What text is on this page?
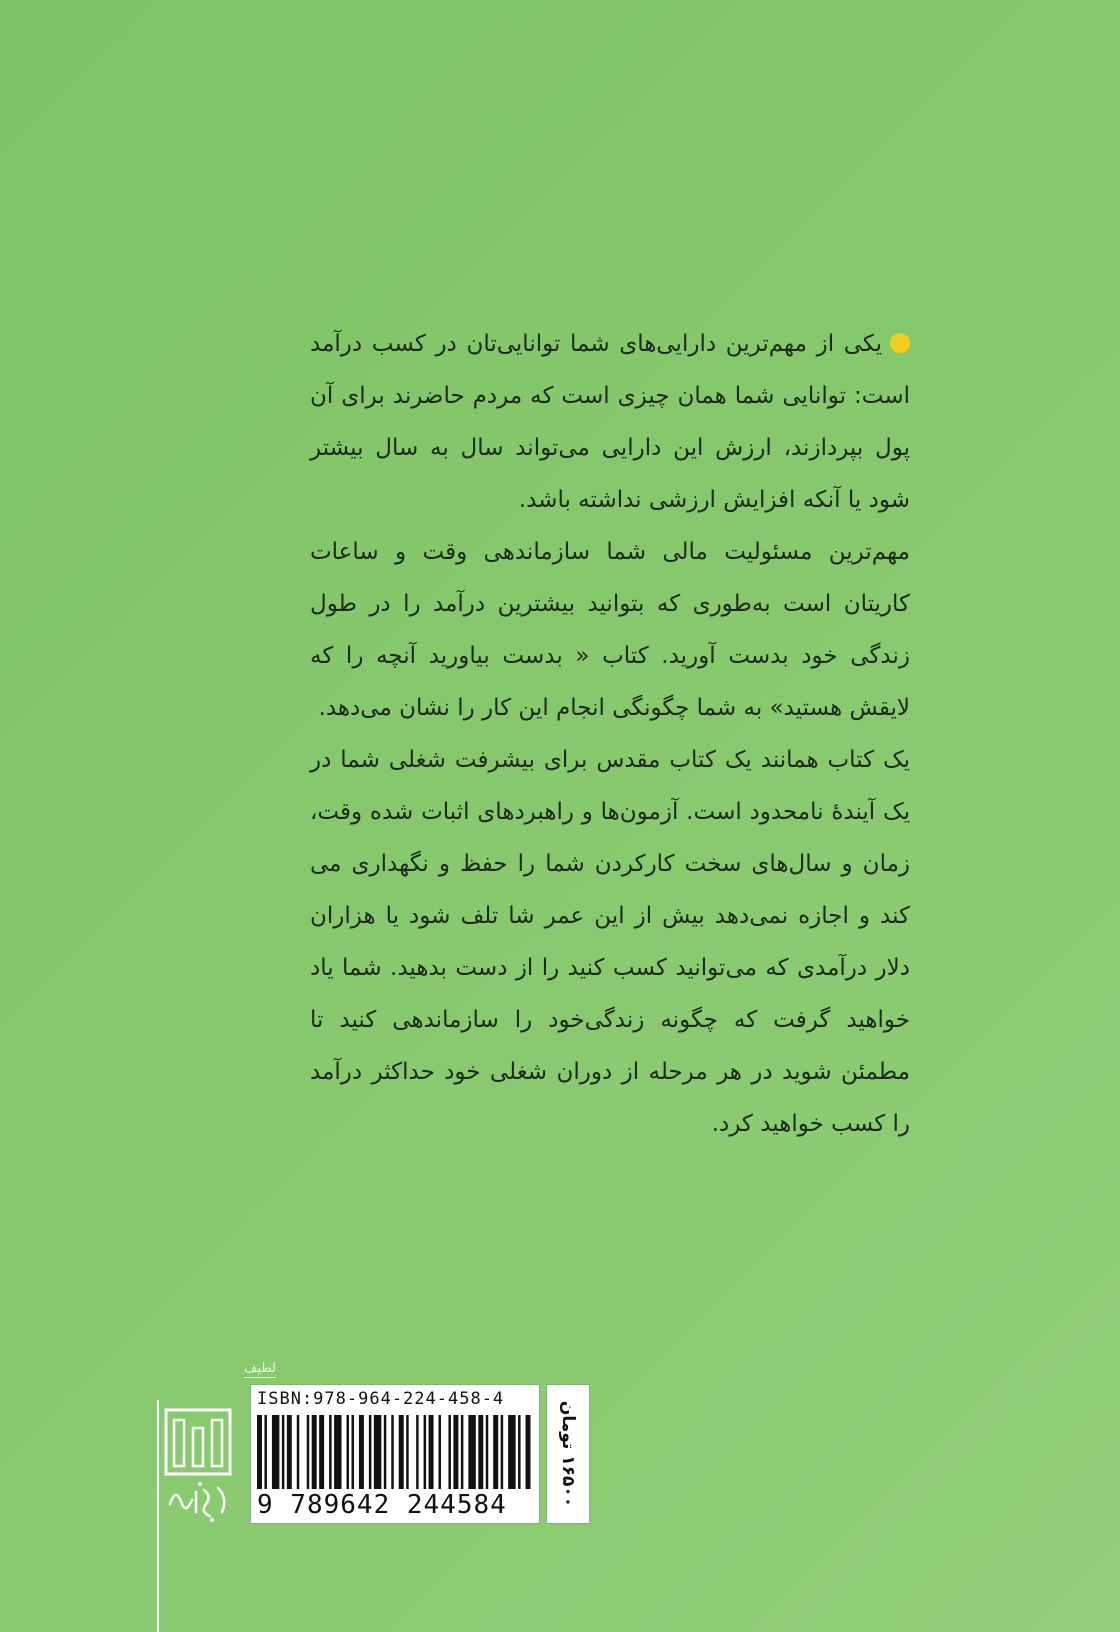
یکی از مهم‌ترین دارایی‌های شما توانایی‌تان در کسب درآمد است: توانایی شما همان چیزی است که مردم حاضرند برای آن پول بپردازند، ارزش این دارایی می‌تواند سال به سال بیشتر شود یا آنکه افزایش ارزشی نداشته باشد.

مهم‌ترین مسئولیت مالی شما سازماندهی وقت و ساعات کاریتان است به‌طوری که بتوانید بیشترین درآمد را در طول زندگی خود بدست آورید. کتاب « بدست بیاورید آنچه را که لایقش هستید» به شما چگونگی انجام این کار را نشان می‌دهد.

یک کتاب همانند یک کتاب مقدس برای بیشرفت شغلی شما در یک آیندهٔ نامحدود است. آزمون‌ها و راهبردهای اثبات شده وقت، زمان و سال‌های سخت کارکردن شما را حفظ و نگهداری می کند و اجازه نمی‌دهد بیش از این عمر شا تلف شود یا هزاران دلار درآمدی که می‌توانید کسب کنید را از دست بدهید. شما یاد خواهید گرفت که چگونه زندگی‌خود را سازماندهی کنید تا مطمئن شوید در هر مرحله از دوران شغلی خود حداکثر درآمد را کسب خواهید کرد.

لطیف
ISBN:978-964-224-458-4
9 789642 244584
۱۶۵۰۰ تومان
